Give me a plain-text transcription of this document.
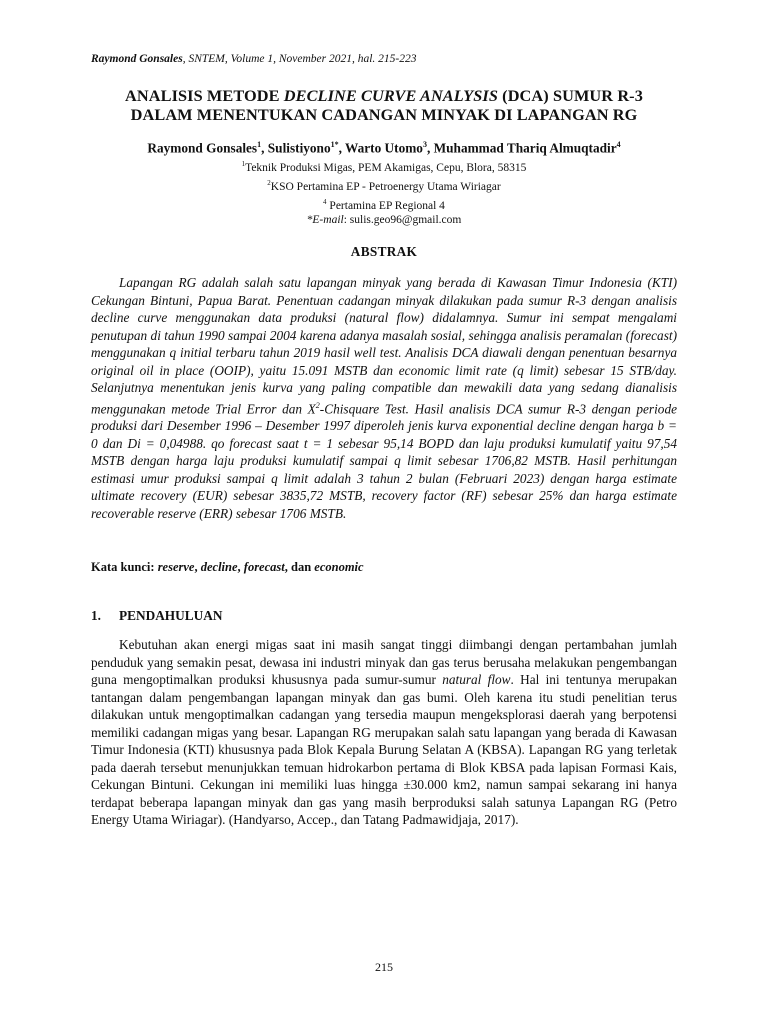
Raymond Gonsales, SNTEM, Volume 1, November 2021, hal. 215-223
ANALISIS METODE DECLINE CURVE ANALYSIS (DCA) SUMUR R-3
DALAM MENENTUKAN CADANGAN MINYAK DI LAPANGAN RG
Raymond Gonsales$^1$, Sulistiyono$^{1*}$, Warto Utomo$^3$, Muhammad Thariq Almuqtadir$^4$
$^1$Teknik Produksi Migas, PEM Akamigas, Cepu, Blora, 58315
$^2$KSO Pertamina EP - Petroenergy Utama Wiriagar
$^4$ Pertamina EP Regional 4
*E-mail: sulis.geo96@gmail.com
ABSTRAK

Lapangan RG adalah salah satu lapangan minyak yang berada di Kawasan Timur Indonesia (KTI) Cekungan Bintuni, Papua Barat. Penentuan cadangan minyak dilakukan pada sumur R-3 dengan analisis decline curve menggunakan data produksi (natural flow) didalamnya. Sumur ini sempat mengalami penutupan di tahun 1990 sampai 2004 karena adanya masalah sosial, sehingga analisis peramalan (forecast) menggunakan q initial terbaru tahun 2019 hasil well test. Analisis DCA diawali dengan penentuan besarnya original oil in place (OOIP), yaitu 15.091 MSTB dan economic limit rate (q limit) sebesar 15 STB/day. Selanjutnya menentukan jenis kurva yang paling compatible dan mewakili data yang sedang dianalisis menggunakan metode Trial Error dan $X^2$-Chisquare Test. Hasil analisis DCA sumur R-3 dengan periode produksi dari Desember 1996 – Desember 1997 diperoleh jenis kurva exponential decline dengan harga b = 0 dan Di = 0,04988. qo forecast saat t = 1 sebesar 95,14 BOPD dan laju produksi kumulatif yaitu 97,54 MSTB dengan harga laju produksi kumulatif sampai q limit sebesar 1706,82 MSTB. Hasil perhitungan estimasi umur produksi sampai q limit adalah 3 tahun 2 bulan (Februari 2023) dengan harga estimate ultimate recovery (EUR) sebesar 3835,72 MSTB, recovery factor (RF) sebesar 25% dan harga estimate recoverable reserve (ERR) sebesar 1706 MSTB.

Kata kunci: reserve, decline, forecast, dan economic
1. PENDAHULUAN

Kebutuhan akan energi migas saat ini masih sangat tinggi diimbangi dengan pertambahan jumlah penduduk yang semakin pesat, dewasa ini industri minyak dan gas terus berusaha melakukan pengembangan guna mengoptimalkan produksi khususnya pada sumur-sumur natural flow. Hal ini tentunya merupakan tantangan dalam pengembangan lapangan minyak dan gas bumi. Oleh karena itu studi penelitian terus dilakukan untuk mengoptimalkan cadangan yang tersedia maupun mengeksplorasi daerah yang berpotensi memiliki cadangan migas yang besar. Lapangan RG merupakan salah satu lapangan yang berada di Kawasan Timur Indonesia (KTI) khususnya pada Blok Kepala Burung Selatan A (KBSA). Lapangan RG yang terletak pada daerah tersebut menunjukkan temuan hidrokarbon pertama di Blok KBSA pada lapisan Formasi Kais, Cekungan Bintuni. Cekungan ini memiliki luas hingga ±30.000 km2, namun sampai sekarang ini hanya terdapat beberapa lapangan minyak dan gas yang masih berproduksi salah satunya Lapangan RG (Petro Energy Utama Wiriagar). (Handyarso, Accep., dan Tatang Padmawidjaja, 2017).

215
